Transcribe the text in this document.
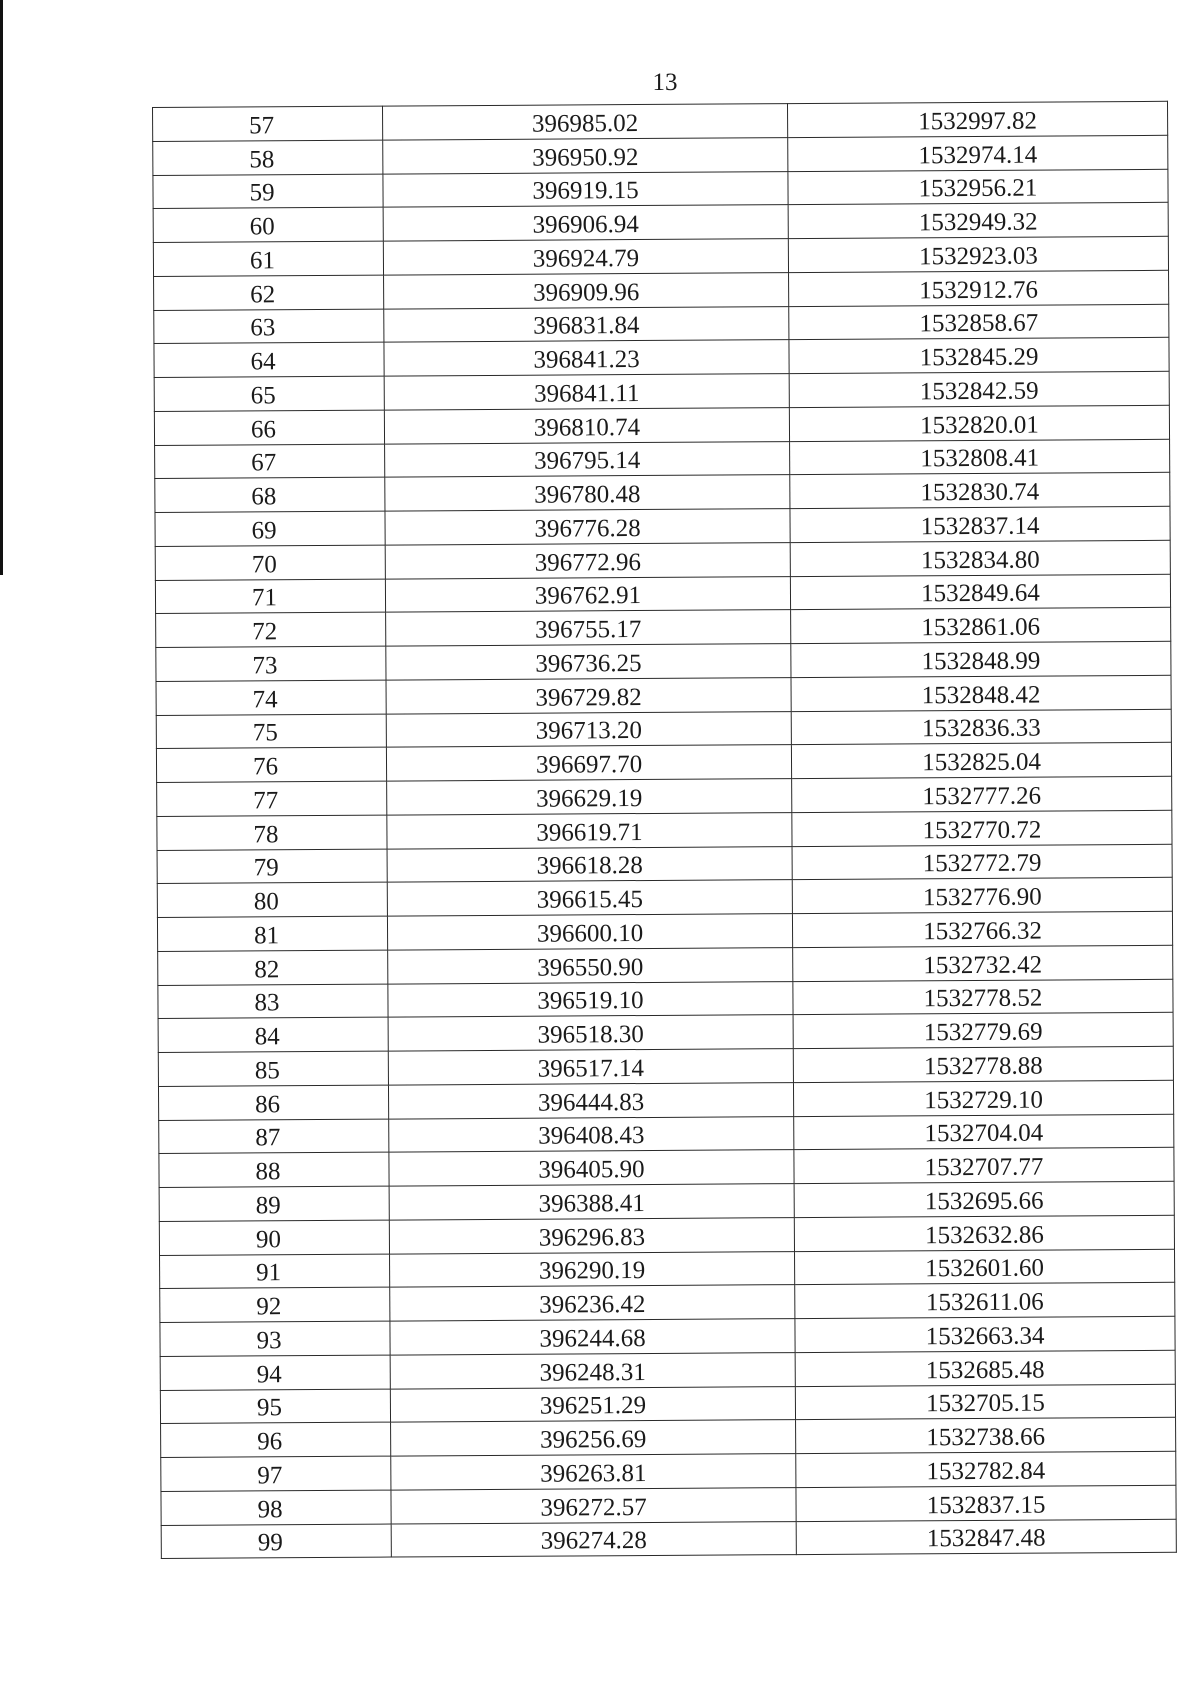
13
57	396985.02	1532997.82
58	396950.92	1532974.14
59	396919.15	1532956.21
60	396906.94	1532949.32
61	396924.79	1532923.03
62	396909.96	1532912.76
63	396831.84	1532858.67
64	396841.23	1532845.29
65	396841.11	1532842.59
66	396810.74	1532820.01
67	396795.14	1532808.41
68	396780.48	1532830.74
69	396776.28	1532837.14
70	396772.96	1532834.80
71	396762.91	1532849.64
72	396755.17	1532861.06
73	396736.25	1532848.99
74	396729.82	1532848.42
75	396713.20	1532836.33
76	396697.70	1532825.04
77	396629.19	1532777.26
78	396619.71	1532770.72
79	396618.28	1532772.79
80	396615.45	1532776.90
81	396600.10	1532766.32
82	396550.90	1532732.42
83	396519.10	1532778.52
84	396518.30	1532779.69
85	396517.14	1532778.88
86	396444.83	1532729.10
87	396408.43	1532704.04
88	396405.90	1532707.77
89	396388.41	1532695.66
90	396296.83	1532632.86
91	396290.19	1532601.60
92	396236.42	1532611.06
93	396244.68	1532663.34
94	396248.31	1532685.48
95	396251.29	1532705.15
96	396256.69	1532738.66
97	396263.81	1532782.84
98	396272.57	1532837.15
99	396274.28	1532847.48
